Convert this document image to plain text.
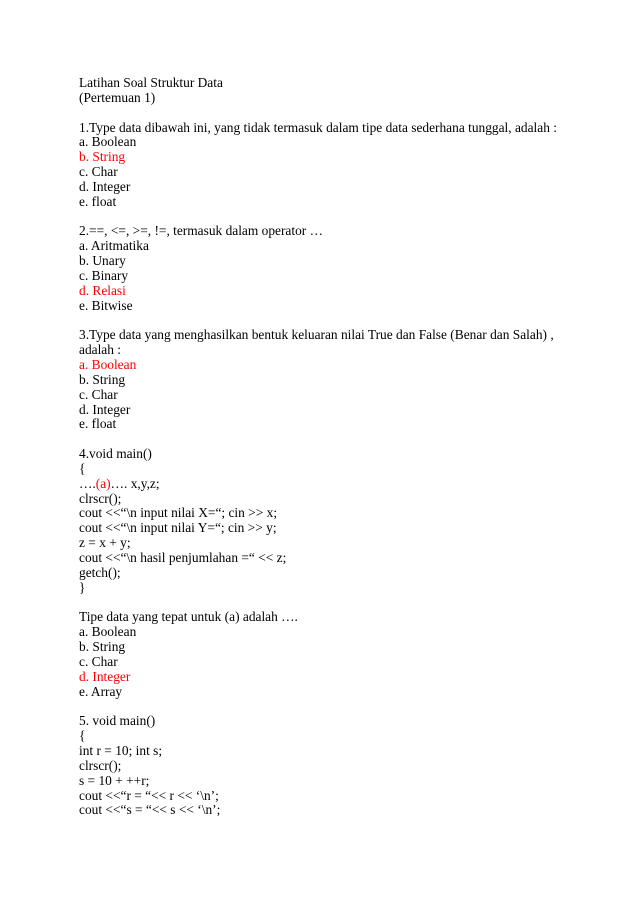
Latihan Soal Struktur Data
(Pertemuan 1)
1.Type data dibawah ini, yang tidak termasuk dalam tipe data sederhana tunggal, adalah :
a. Boolean
b. String
c. Char
d. Integer
e. float
2.==, <=, >=, !=, termasuk dalam operator …
a. Aritmatika
b. Unary
c. Binary
d. Relasi
e. Bitwise
3.Type data yang menghasilkan bentuk keluaran nilai True dan False (Benar dan Salah) ,
adalah :
a. Boolean
b. String
c. Char
d. Integer
e. float
4.void main()
{
….(a)…. x,y,z;
clrscr();
cout <<“\n input nilai X=“; cin >> x;
cout <<“\n input nilai Y=“; cin >> y;
z = x + y;
cout <<“\n hasil penjumlahan =“ << z;
getch();
}
Tipe data yang tepat untuk (a) adalah ….
a. Boolean
b. String
c. Char
d. Integer
e. Array
5. void main()
{
int r = 10; int s;
clrscr();
s = 10 + ++r;
cout <<“r = “<< r << ‘\n’;
cout <<“s = “<< s << ‘\n’;
